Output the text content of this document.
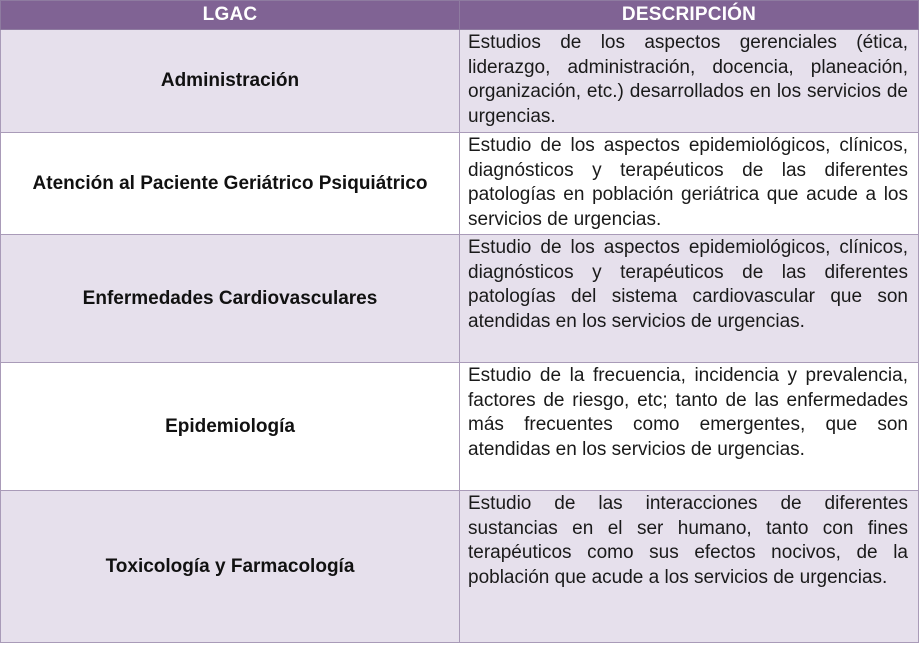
LGAC	DESCRIPCIÓN
Administración	Estudios de los aspectos gerenciales (ética, liderazgo, administración, docencia, planeación, organización, etc.) desarrollados en los servicios de urgencias.
Atención al Paciente Geriátrico Psiquiátrico	Estudio de los aspectos epidemiológicos, clínicos, diagnósticos y terapéuticos de las diferentes patologías en población geriátrica que acude a los servicios de urgencias.
Enfermedades Cardiovasculares	Estudio de los aspectos epidemiológicos, clínicos, diagnósticos y terapéuticos de las diferentes patologías del sistema cardiovascular que son atendidas en los servicios de urgencias.
Epidemiología	Estudio de la frecuencia, incidencia y prevalencia, factores de riesgo, etc; tanto de las enfermedades más frecuentes como emergentes, que son atendidas en los servicios de urgencias.
Toxicología y Farmacología	Estudio de las interacciones de diferentes sustancias en el ser humano, tanto con fines terapéuticos como sus efectos nocivos, de la población que acude a los servicios de urgencias.
